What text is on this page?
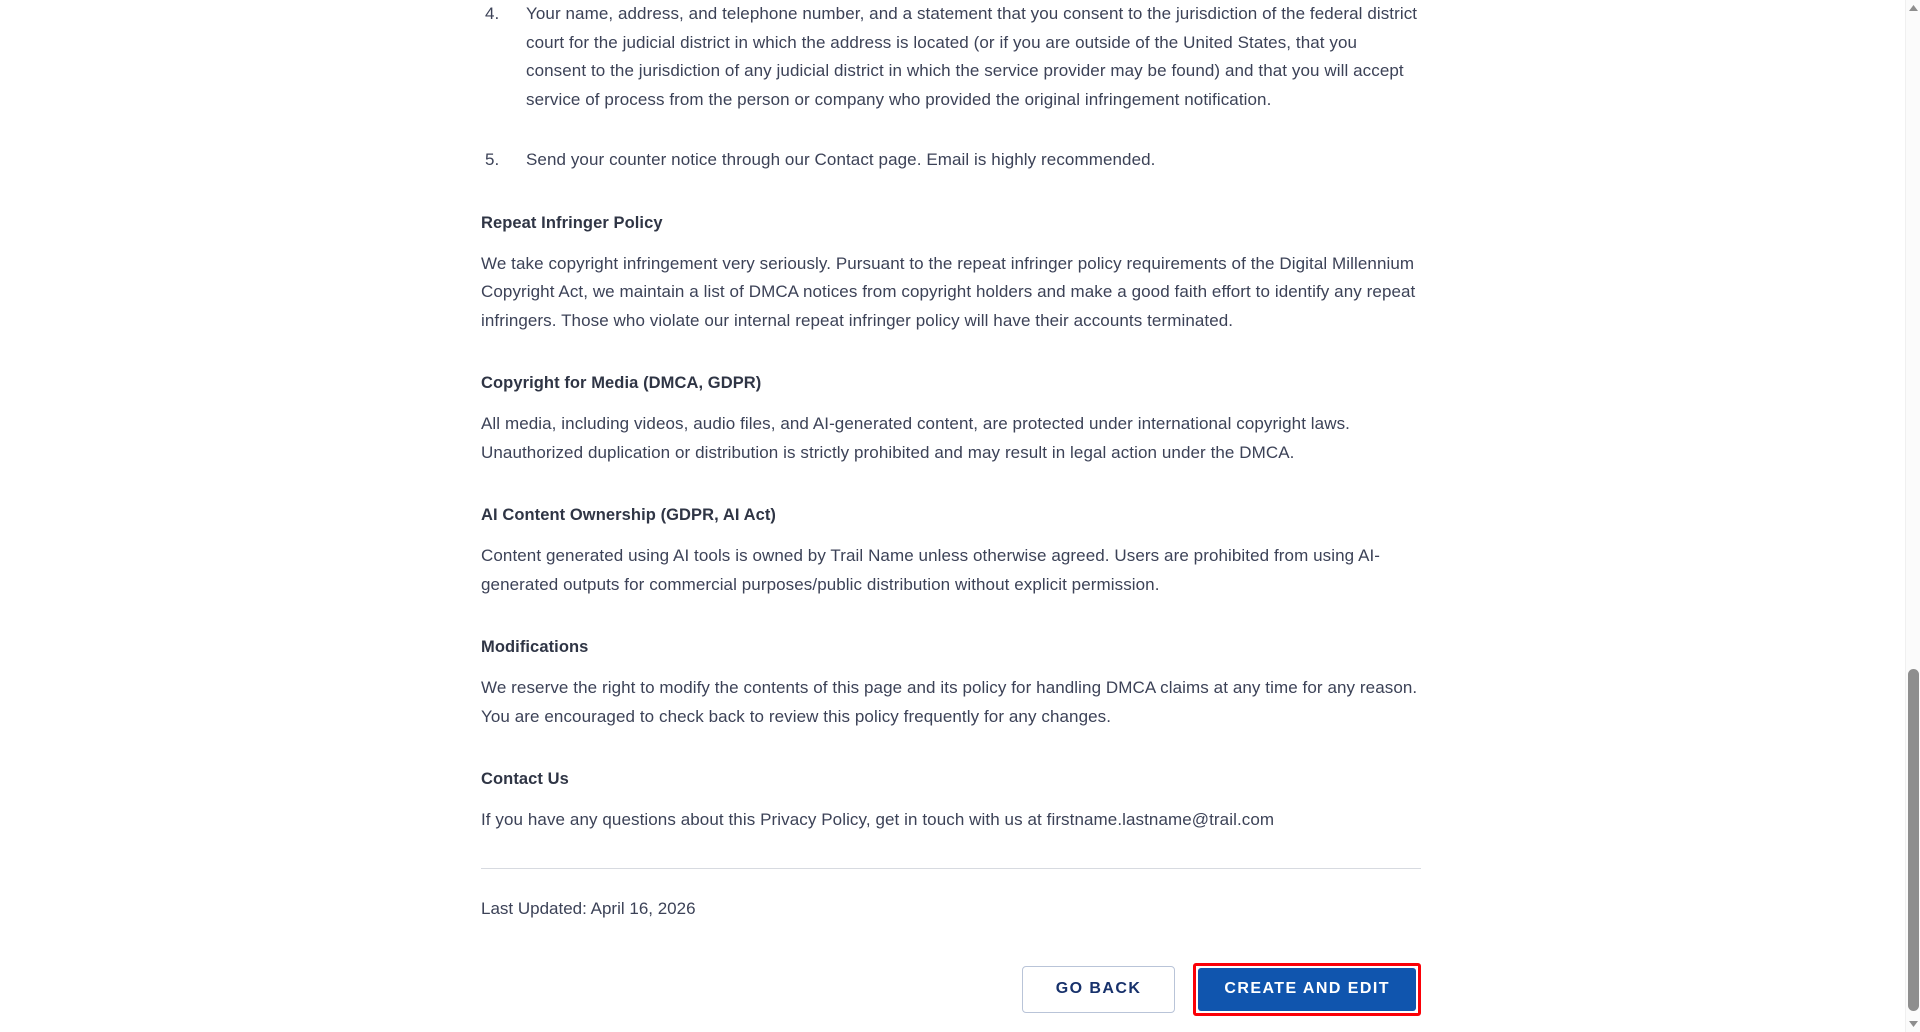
4.	Your name, address, and telephone number, and a statement that you consent to the jurisdiction of the federal district court for the judicial district in which the address is located (or if you are outside of the United States, that you consent to the jurisdiction of any judicial district in which the service provider may be found) and that you will accept service of process from the person or company who provided the original infringement notification.
5.	Send your counter notice through our Contact page. Email is highly recommended.
Repeat Infringer Policy

We take copyright infringement very seriously. Pursuant to the repeat infringer policy requirements of the Digital Millennium Copyright Act, we maintain a list of DMCA notices from copyright holders and make a good faith effort to identify any repeat infringers. Those who violate our internal repeat infringer policy will have their accounts terminated.

Copyright for Media (DMCA, GDPR)

All media, including videos, audio files, and AI-generated content, are protected under international copyright laws. Unauthorized duplication or distribution is strictly prohibited and may result in legal action under the DMCA.

AI Content Ownership (GDPR, AI Act)

Content generated using AI tools is owned by Trail Name unless otherwise agreed. Users are prohibited from using AI-generated outputs for commercial purposes/public distribution without explicit permission.

Modifications

We reserve the right to modify the contents of this page and its policy for handling DMCA claims at any time for any reason. You are encouraged to check back to review this policy frequently for any changes.

Contact Us

If you have any questions about this Privacy Policy, get in touch with us at firstname.lastname@trail.com

Last Updated: April 16, 2026
GO BACK	CREATE AND EDIT
